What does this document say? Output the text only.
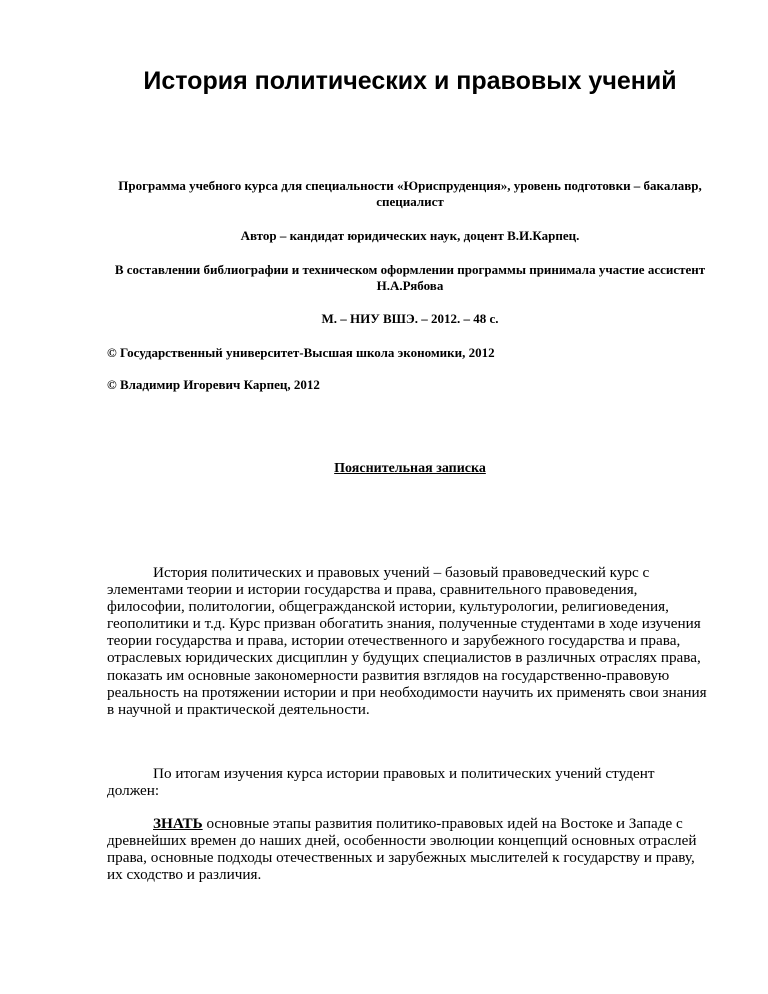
История политических и правовых учений
Программа учебного курса для специальности «Юриспруденция», уровень подготовки – бакалавр, специалист
Автор – кандидат юридических наук, доцент В.И.Карпец.
В составлении библиографии и техническом оформлении программы принимала участие ассистент Н.А.Рябова
М. – НИУ ВШЭ. – 2012. – 48 с.
© Государственный университет-Высшая школа экономики, 2012
© Владимир Игоревич Карпец, 2012
Пояснительная записка
История политических и правовых учений – базовый правоведческий курс с элементами теории и истории государства и права, сравнительного правоведения, философии, политологии, общегражданской истории, культурологии, религиоведения, геополитики и т.д. Курс призван обогатить знания, полученные студентами в ходе изучения теории государства и права, истории отечественного и зарубежного государства и права, отраслевых юридических дисциплин у будущих специалистов в различных отраслях права, показать им основные закономерности развития взглядов на государственно-правовую реальность на протяжении истории и при необходимости научить их применять свои знания в научной и практической деятельности.
По итогам изучения курса истории правовых и политических учений студент должен:
ЗНАТЬ основные этапы развития политико-правовых идей на Востоке и Западе с древнейших времен до наших дней, особенности эволюции концепций основных отраслей права, основные подходы отечественных и зарубежных мыслителей к государству и праву, их сходство и различия.
